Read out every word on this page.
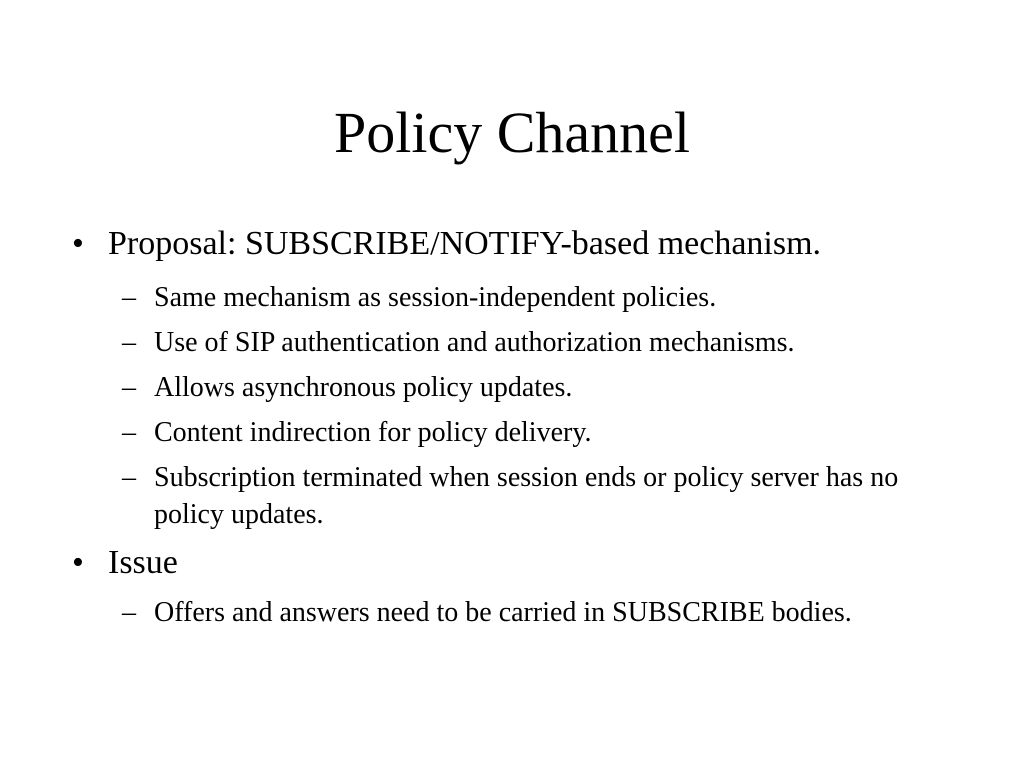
Policy Channel
• Proposal: SUBSCRIBE/NOTIFY-based mechanism.
– Same mechanism as session-independent policies.
– Use of SIP authentication and authorization mechanisms.
– Allows asynchronous policy updates.
– Content indirection for policy delivery.
– Subscription terminated when session ends or policy server has no policy updates.
• Issue
– Offers and answers need to be carried in SUBSCRIBE bodies.
